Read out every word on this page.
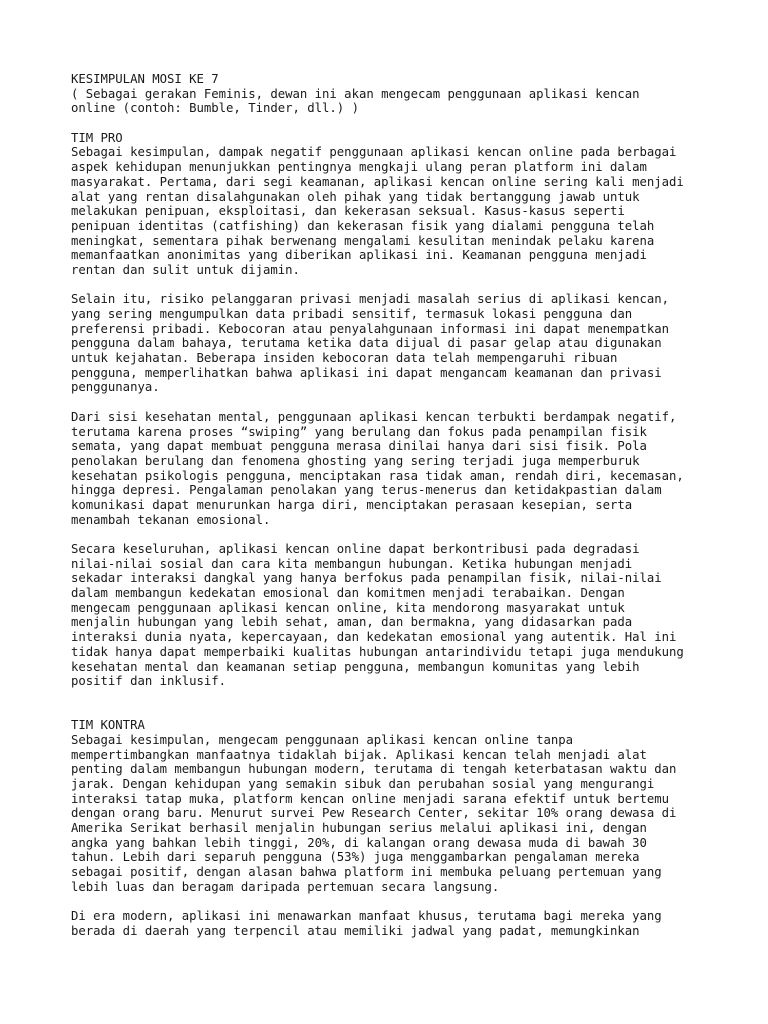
KESIMPULAN MOSI KE 7
( Sebagai gerakan Feminis, dewan ini akan mengecam penggunaan aplikasi kencan
online (contoh: Bumble, Tinder, dll.) )
TIM PRO
Sebagai kesimpulan, dampak negatif penggunaan aplikasi kencan online pada berbagai
aspek kehidupan menunjukkan pentingnya mengkaji ulang peran platform ini dalam
masyarakat. Pertama, dari segi keamanan, aplikasi kencan online sering kali menjadi
alat yang rentan disalahgunakan oleh pihak yang tidak bertanggung jawab untuk
melakukan penipuan, eksploitasi, dan kekerasan seksual. Kasus-kasus seperti
penipuan identitas (catfishing) dan kekerasan fisik yang dialami pengguna telah
meningkat, sementara pihak berwenang mengalami kesulitan menindak pelaku karena
memanfaatkan anonimitas yang diberikan aplikasi ini. Keamanan pengguna menjadi
rentan dan sulit untuk dijamin.
Selain itu, risiko pelanggaran privasi menjadi masalah serius di aplikasi kencan,
yang sering mengumpulkan data pribadi sensitif, termasuk lokasi pengguna dan
preferensi pribadi. Kebocoran atau penyalahgunaan informasi ini dapat menempatkan
pengguna dalam bahaya, terutama ketika data dijual di pasar gelap atau digunakan
untuk kejahatan. Beberapa insiden kebocoran data telah mempengaruhi ribuan
pengguna, memperlihatkan bahwa aplikasi ini dapat mengancam keamanan dan privasi
penggunanya.
Dari sisi kesehatan mental, penggunaan aplikasi kencan terbukti berdampak negatif,
terutama karena proses “swiping” yang berulang dan fokus pada penampilan fisik
semata, yang dapat membuat pengguna merasa dinilai hanya dari sisi fisik. Pola
penolakan berulang dan fenomena ghosting yang sering terjadi juga memperburuk
kesehatan psikologis pengguna, menciptakan rasa tidak aman, rendah diri, kecemasan,
hingga depresi. Pengalaman penolakan yang terus-menerus dan ketidakpastian dalam
komunikasi dapat menurunkan harga diri, menciptakan perasaan kesepian, serta
menambah tekanan emosional.
Secara keseluruhan, aplikasi kencan online dapat berkontribusi pada degradasi
nilai-nilai sosial dan cara kita membangun hubungan. Ketika hubungan menjadi
sekadar interaksi dangkal yang hanya berfokus pada penampilan fisik, nilai-nilai
dalam membangun kedekatan emosional dan komitmen menjadi terabaikan. Dengan
mengecam penggunaan aplikasi kencan online, kita mendorong masyarakat untuk
menjalin hubungan yang lebih sehat, aman, dan bermakna, yang didasarkan pada
interaksi dunia nyata, kepercayaan, dan kedekatan emosional yang autentik. Hal ini
tidak hanya dapat memperbaiki kualitas hubungan antarindividu tetapi juga mendukung
kesehatan mental dan keamanan setiap pengguna, membangun komunitas yang lebih
positif dan inklusif.
TIM KONTRA
Sebagai kesimpulan, mengecam penggunaan aplikasi kencan online tanpa
mempertimbangkan manfaatnya tidaklah bijak. Aplikasi kencan telah menjadi alat
penting dalam membangun hubungan modern, terutama di tengah keterbatasan waktu dan
jarak. Dengan kehidupan yang semakin sibuk dan perubahan sosial yang mengurangi
interaksi tatap muka, platform kencan online menjadi sarana efektif untuk bertemu
dengan orang baru. Menurut survei Pew Research Center, sekitar 10% orang dewasa di
Amerika Serikat berhasil menjalin hubungan serius melalui aplikasi ini, dengan
angka yang bahkan lebih tinggi, 20%, di kalangan orang dewasa muda di bawah 30
tahun. Lebih dari separuh pengguna (53%) juga menggambarkan pengalaman mereka
sebagai positif, dengan alasan bahwa platform ini membuka peluang pertemuan yang
lebih luas dan beragam daripada pertemuan secara langsung.
Di era modern, aplikasi ini menawarkan manfaat khusus, terutama bagi mereka yang
berada di daerah yang terpencil atau memiliki jadwal yang padat, memungkinkan
